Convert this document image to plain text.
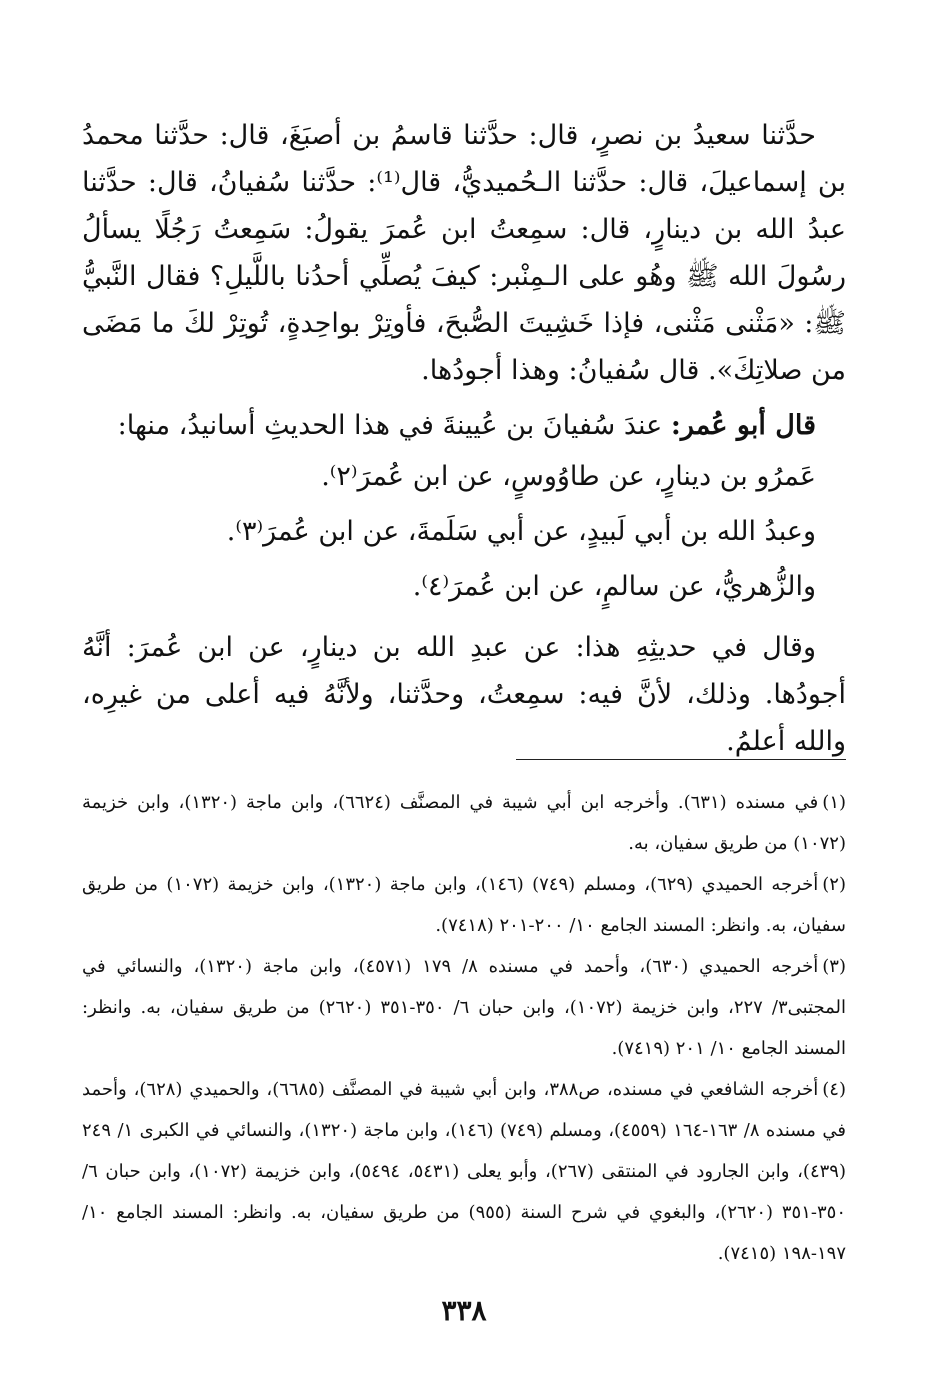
حدَّثنا سعيدُ بن نصرٍ، قال: حدَّثنا قاسمُ بن أصبَغَ، قال: حدَّثنا محمدُ بن إسماعيلَ، قال: حدَّثنا الـحُميديُّ، قال⁽¹⁾: حدَّثنا سُفيانُ، قال: حدَّثنا عبدُ الله بن دينارٍ، قال: سمِعتُ ابن عُمرَ يقولُ: سَمِعتُ رَجُلًا يسألُ رسُولَ الله ﷺ وهُو على الـمِنْبر: كيفَ يُصلِّي أحدُنا باللَّيلِ؟ فقال النَّبيُّ ﷺ: «مَثْنى مَثْنى، فإذا خَشِيتَ الصُّبحَ، فأوتِرْ بواحِدةٍ، تُوتِرْ لكَ ما مَضَى من صلاتِكَ». قال سُفيانُ: وهذا أجودُها.

قال أبو عُمر: عندَ سُفيانَ بن عُيينةَ في هذا الحديثِ أسانيدُ، منها:

عَمرُو بن دينارٍ، عن طاوُوسٍ، عن ابن عُمرَ⁽٢⁾.

وعبدُ الله بن أبي لَبيدٍ، عن أبي سَلَمةَ، عن ابن عُمرَ⁽٣⁾.

والزُّهريُّ، عن سالمٍ، عن ابن عُمرَ⁽٤⁾.

وقال في حديثِهِ هذا: عن عبدِ الله بن دينارٍ، عن ابن عُمرَ: أنَّهُ أجودُها. وذلك، لأنَّ فيه: سمِعتُ، وحدَّثنا، ولأنَّهُ فيه أعلى من غيرِه، والله أعلمُ.

(١)في مسنده (٦٣١). وأخرجه ابن أبي شيبة في المصنَّف (٦٦٢٤)، وابن ماجة (١٣٢٠)، وابن خزيمة (١٠٧٢) من طريق سفيان، به.

(٢)أخرجه الحميدي (٦٢٩)، ومسلم (٧٤٩) (١٤٦)، وابن ماجة (١٣٢٠)، وابن خزيمة (١٠٧٢) من طريق سفيان، به. وانظر: المسند الجامع ١٠/ ٢٠٠-٢٠١ (٧٤١٨).

(٣)أخرجه الحميدي (٦٣٠)، وأحمد في مسنده ٨/ ١٧٩ (٤٥٧١)، وابن ماجة (١٣٢٠)، والنسائي في المجتبى٣/ ٢٢٧، وابن خزيمة (١٠٧٢)، وابن حبان ٦/ ٣٥٠-٣٥١ (٢٦٢٠) من طريق سفيان، به. وانظر: المسند الجامع ١٠/ ٢٠١ (٧٤١٩).

(٤)أخرجه الشافعي في مسنده، ص٣٨٨، وابن أبي شيبة في المصنَّف (٦٦٨٥)، والحميدي (٦٢٨)، وأحمد في مسنده ٨/ ١٦٣-١٦٤ (٤٥٥٩)، ومسلم (٧٤٩) (١٤٦)، وابن ماجة (١٣٢٠)، والنسائي في الكبرى ١/ ٢٤٩ (٤٣٩)، وابن الجارود في المنتقى (٢٦٧)، وأبو يعلى (٥٤٣١، ٥٤٩٤)، وابن خزيمة (١٠٧٢)، وابن حبان ٦/ ٣٥٠-٣٥١ (٢٦٢٠)، والبغوي في شرح السنة (٩٥٥) من طريق سفيان، به. وانظر: المسند الجامع ١٠/ ١٩٧-١٩٨ (٧٤١٥).

٣٣٨
